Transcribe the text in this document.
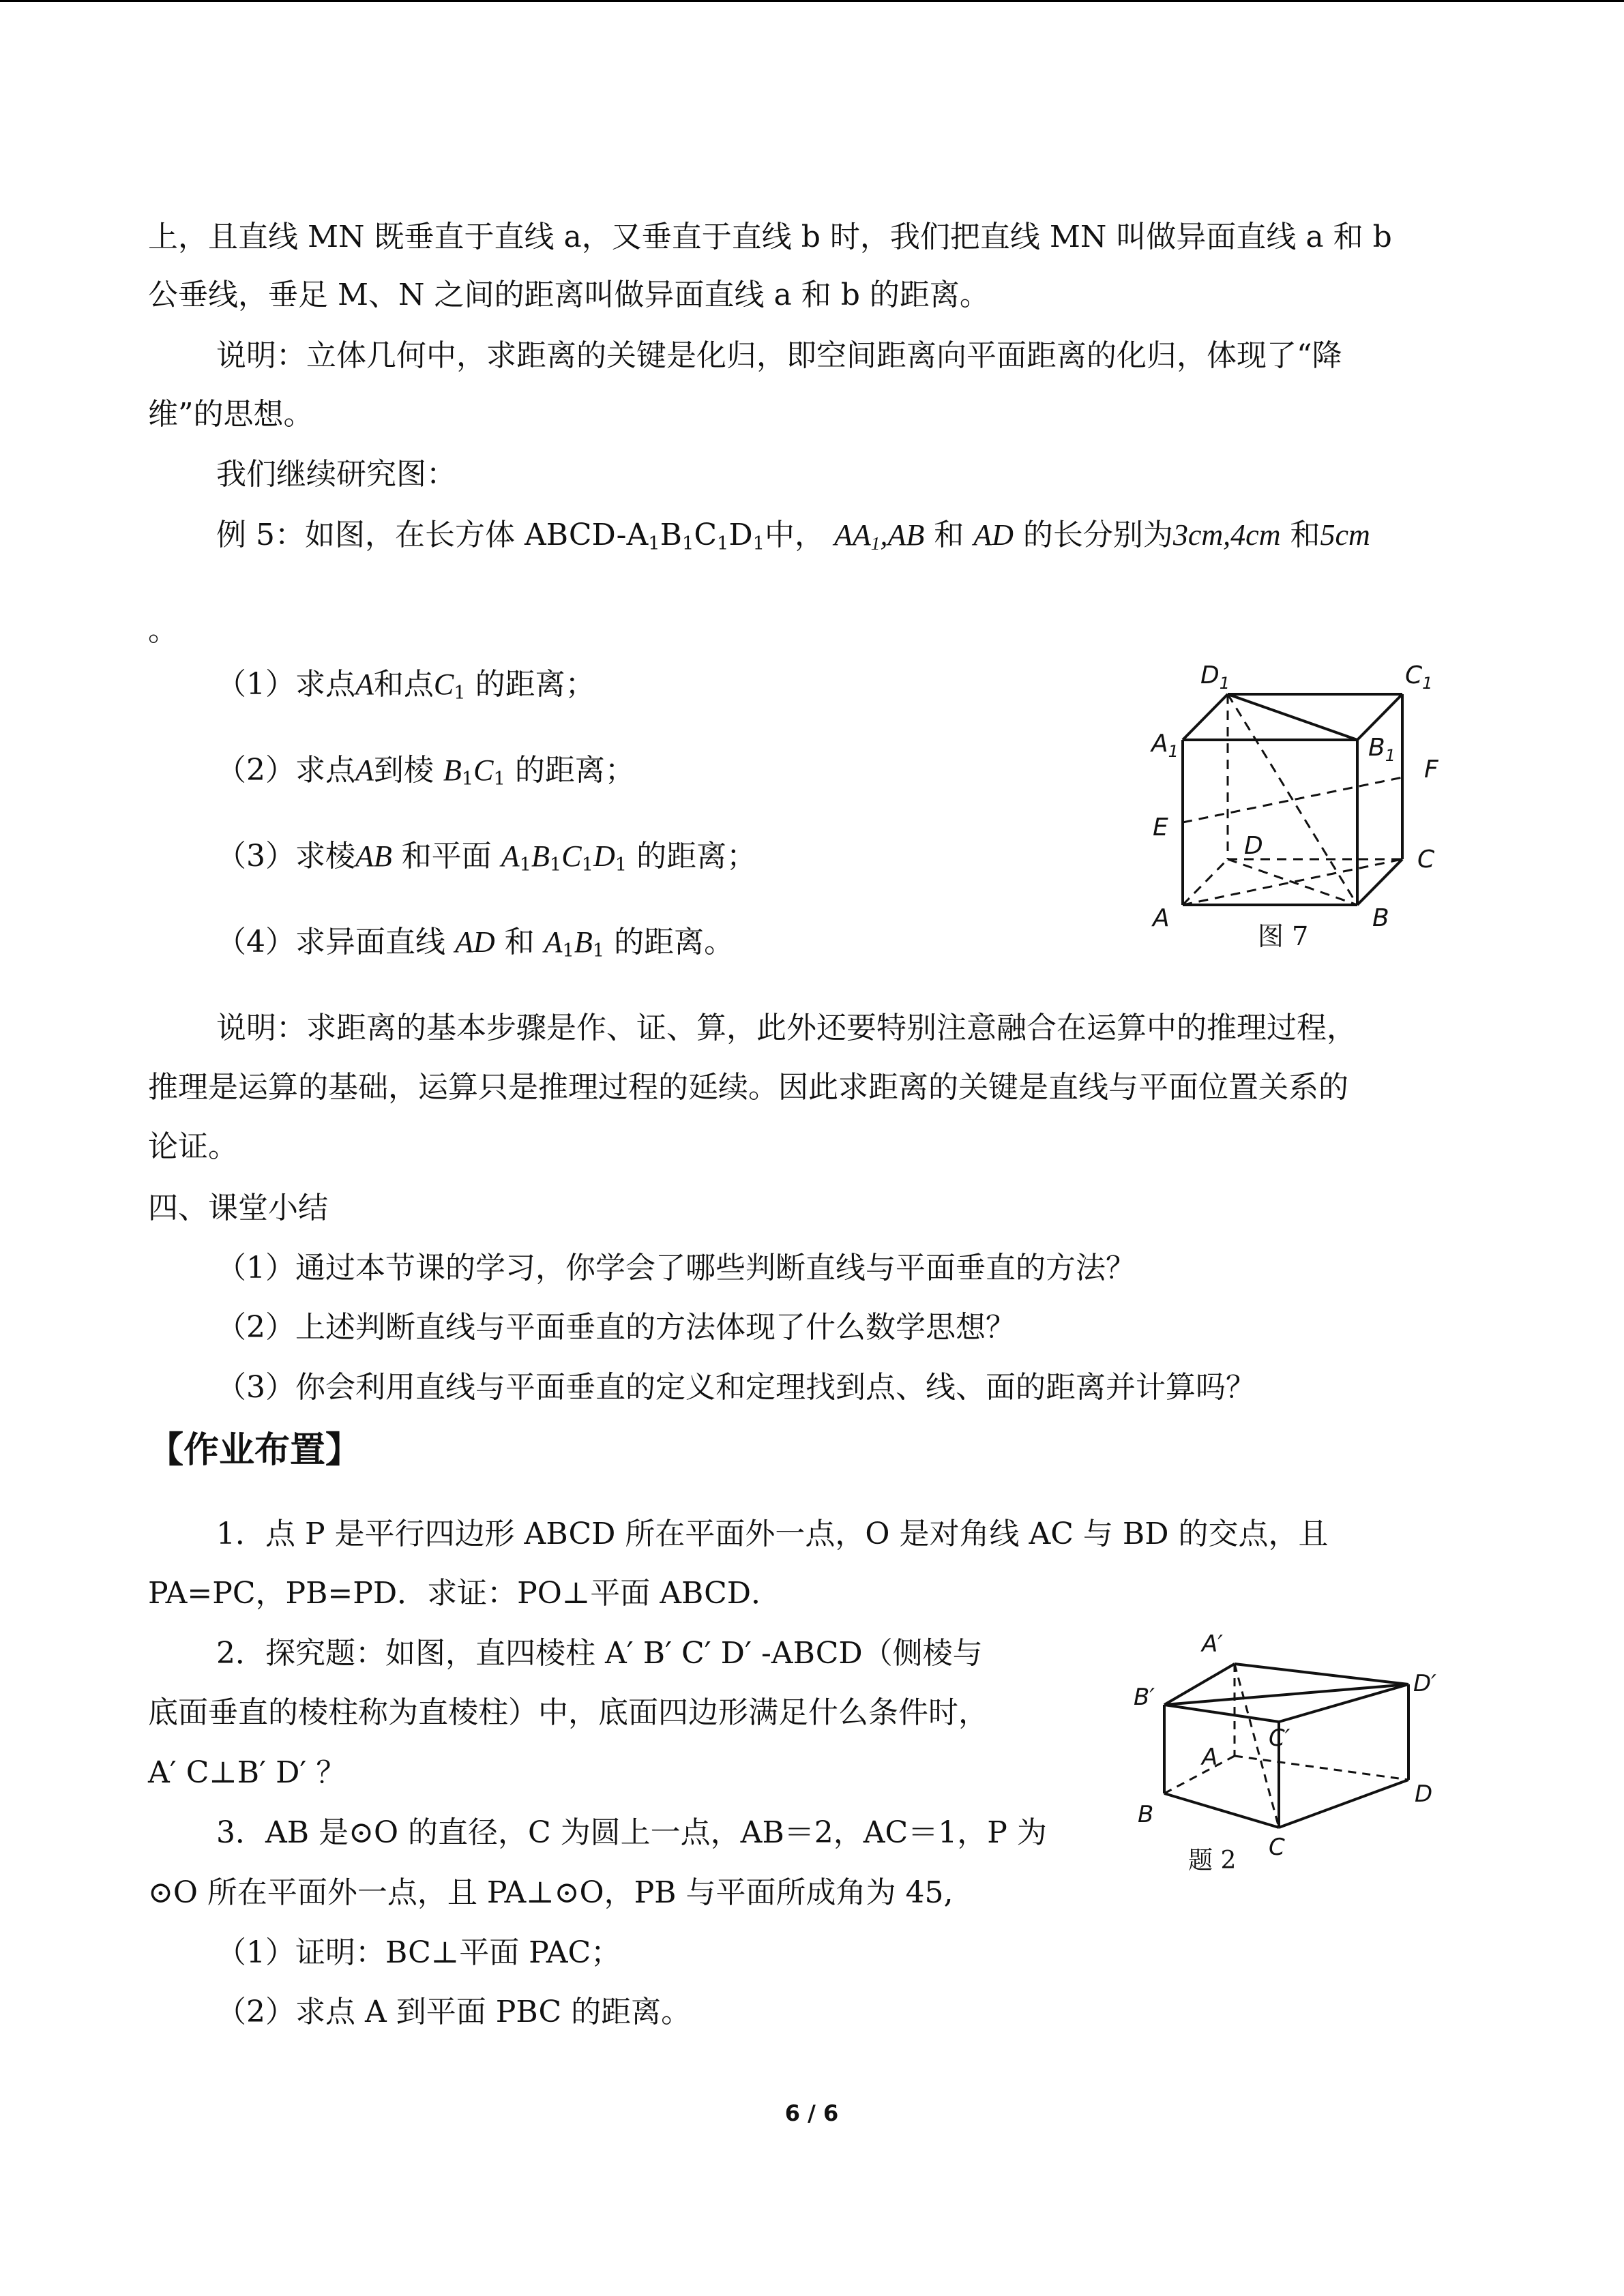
上，且直线 MN 既垂直于直线 a，又垂直于直线 b 时，我们把直线 MN 叫做异面直线 a 和 b
公垂线，垂足 M、N 之间的距离叫做异面直线 a 和 b 的距离。
说明：立体几何中，求距离的关键是化归，即空间距离向平面距离的化归，体现了“降
维”的思想。
我们继续研究图：
例 5：如图，在长方体 ABCD-$A_1B_1C_1D_1$中， $AA_1,AB$ 和 AD 的长分别为3cm,4cm 和5cm
。
（1）求点A和点$C_1$ 的距离；
（2）求点A到棱 $B_1C_1$ 的距离；
（3）求棱AB 和平面 $A_1B_1C_1D_1$ 的距离；
（4）求异面直线 AD 和 $A_1B_1$ 的距离。
$D_1$	$C_1$
$A_1$	$B_1$ F
E
D	C
A	B
图 7
说明：求距离的基本步骤是作、证、算，此外还要特别注意融合在运算中的推理过程，
推理是运算的基础，运算只是推理过程的延续。因此求距离的关键是直线与平面位置关系的
论证。
四、课堂小结
（1）通过本节课的学习，你学会了哪些判断直线与平面垂直的方法？
（2）上述判断直线与平面垂直的方法体现了什么数学思想？
（3）你会利用直线与平面垂直的定义和定理找到点、线、面的距离并计算吗？
【作业布置】
1．点 P 是平行四边形 ABCD 所在平面外一点，O 是对角线 AC 与 BD 的交点，且
PA=PC，PB=PD．求证：PO⊥平面 ABCD．
2．探究题：如图，直四棱柱 A′ B′ C′ D′ -ABCD（侧棱与
底面垂直的棱柱称为直棱柱）中，底面四边形满足什么条件时，
A′ C⊥B′ D′ ？
3．AB 是⊙O 的直径，C 为圆上一点，AB＝2，AC＝1，P 为
⊙O 所在平面外一点，且 PA⊥⊙O，PB 与平面所成角为 45,
（1）证明：BC⊥平面 PAC；
（2）求点 A 到平面 PBC 的距离。
A′
B′	D′
C′
A
B
D
C
题 2
6 / 6
